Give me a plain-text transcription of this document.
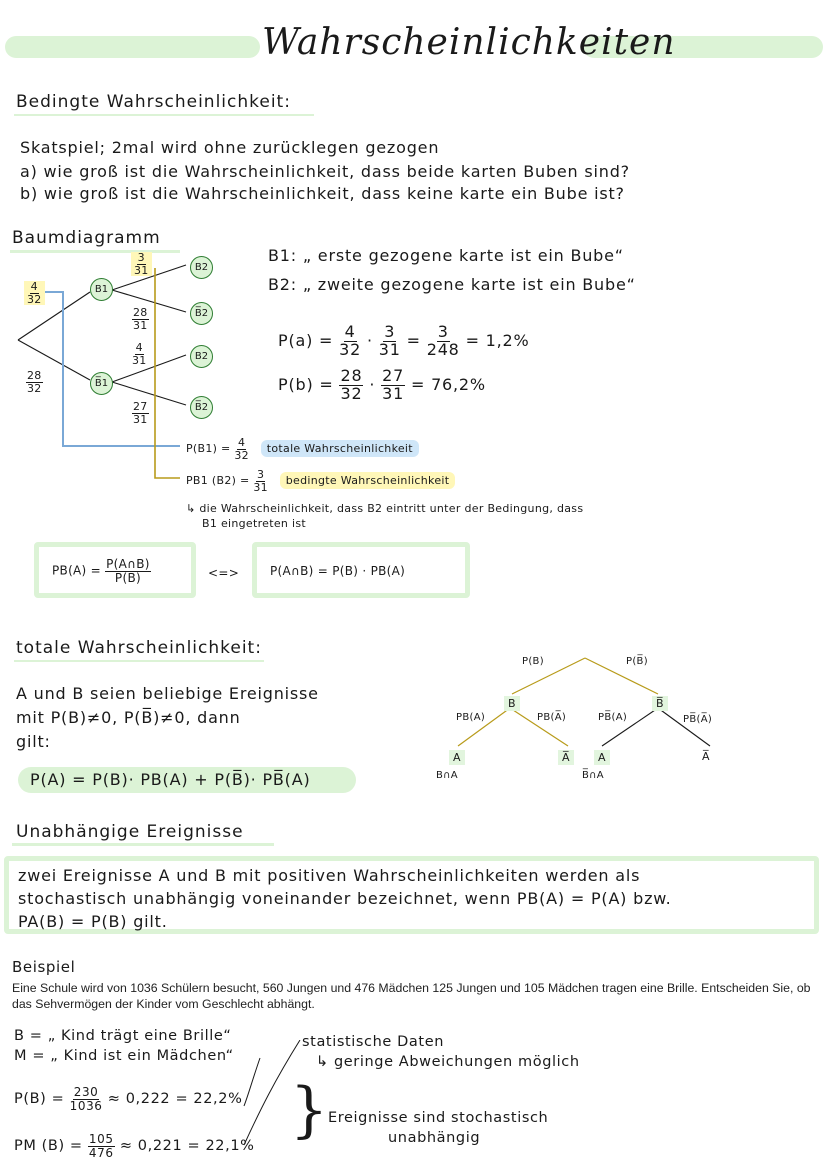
Wahrscheinlichkeiten
Bedingte Wahrscheinlichkeit:
Skatspiel; 2mal wird ohne zurücklegen gezogen
a) wie groß ist die Wahrscheinlichkeit, dass beide karten Buben sind?
b) wie groß ist die Wahrscheinlichkeit, dass keine karte ein Bube ist?
Baumdiagramm
$\frac{4}{32}$
$\frac{28}{32}$
$\frac{3}{31}$
$\frac{28}{31}$
$\frac{4}{31}$
$\frac{27}{31}$
B1
B̅1
B2
B̅2
B2
B̅2
B1: „ erste gezogene karte ist ein Bube“
B2: „ zweite gezogene karte ist ein Bube“
$P(a) = \frac{4}{32} \cdot \frac{3}{31} = \frac{3}{248} = 1,2\%$
$P(b) = \frac{28}{32} \cdot \frac{27}{31} = 76,2\%$
$P(B1) = \frac{4}{32}$ totale Wahrscheinlichkeit
PB1 $(B2) = \frac{3}{31}$ bedingte Wahrscheinlichkeit
↳ die Wahrscheinlichkeit, dass B2 eintritt unter der Bedingung, dass
B1 eingetreten ist
$PB(A) = \frac{P(A\cap B)}{P(B)}$	<=>	P(A∩B) = P(B) · PB(A)
totale Wahrscheinlichkeit:
A und B seien beliebige Ereignisse
mit P(B)≠0, P(B̅)≠0, dann
gilt:
P(A) = P(B)· PB(A) + P(B̅)· PB̅(A)
P(B)	P(B̅)
B	B̅
PB(A)	PB(A̅)	PB̅(A)	PB̅(A̅)
A	A̅	A	A̅
B∩A	B̅∩A
Unabhängige Ereignisse
zwei Ereignisse A und B mit positiven Wahrscheinlichkeiten werden als
stochastisch unabhängig voneinander bezeichnet, wenn PB(A) = P(A) bzw.
PA(B) = P(B) gilt.
Beispiel
Eine Schule wird von 1036 Schülern besucht, 560 Jungen und 476 Mädchen 125 Jungen und 105 Mädchen tragen eine Brille. Entscheiden Sie, ob das Sehvermögen der Kinder vom Geschlecht abhängt.
B = „ Kind trägt eine Brille“
M = „ Kind ist ein Mädchen“
statistische Daten
↳ geringe Abweichungen möglich
$P(B) = \frac{230}{1036} \approx 0,222 = 22,2\%$
PM $(B) = \frac{105}{476} \approx 0,221 = 22,1\%$
} Ereignisse sind stochastisch
unabhängig
